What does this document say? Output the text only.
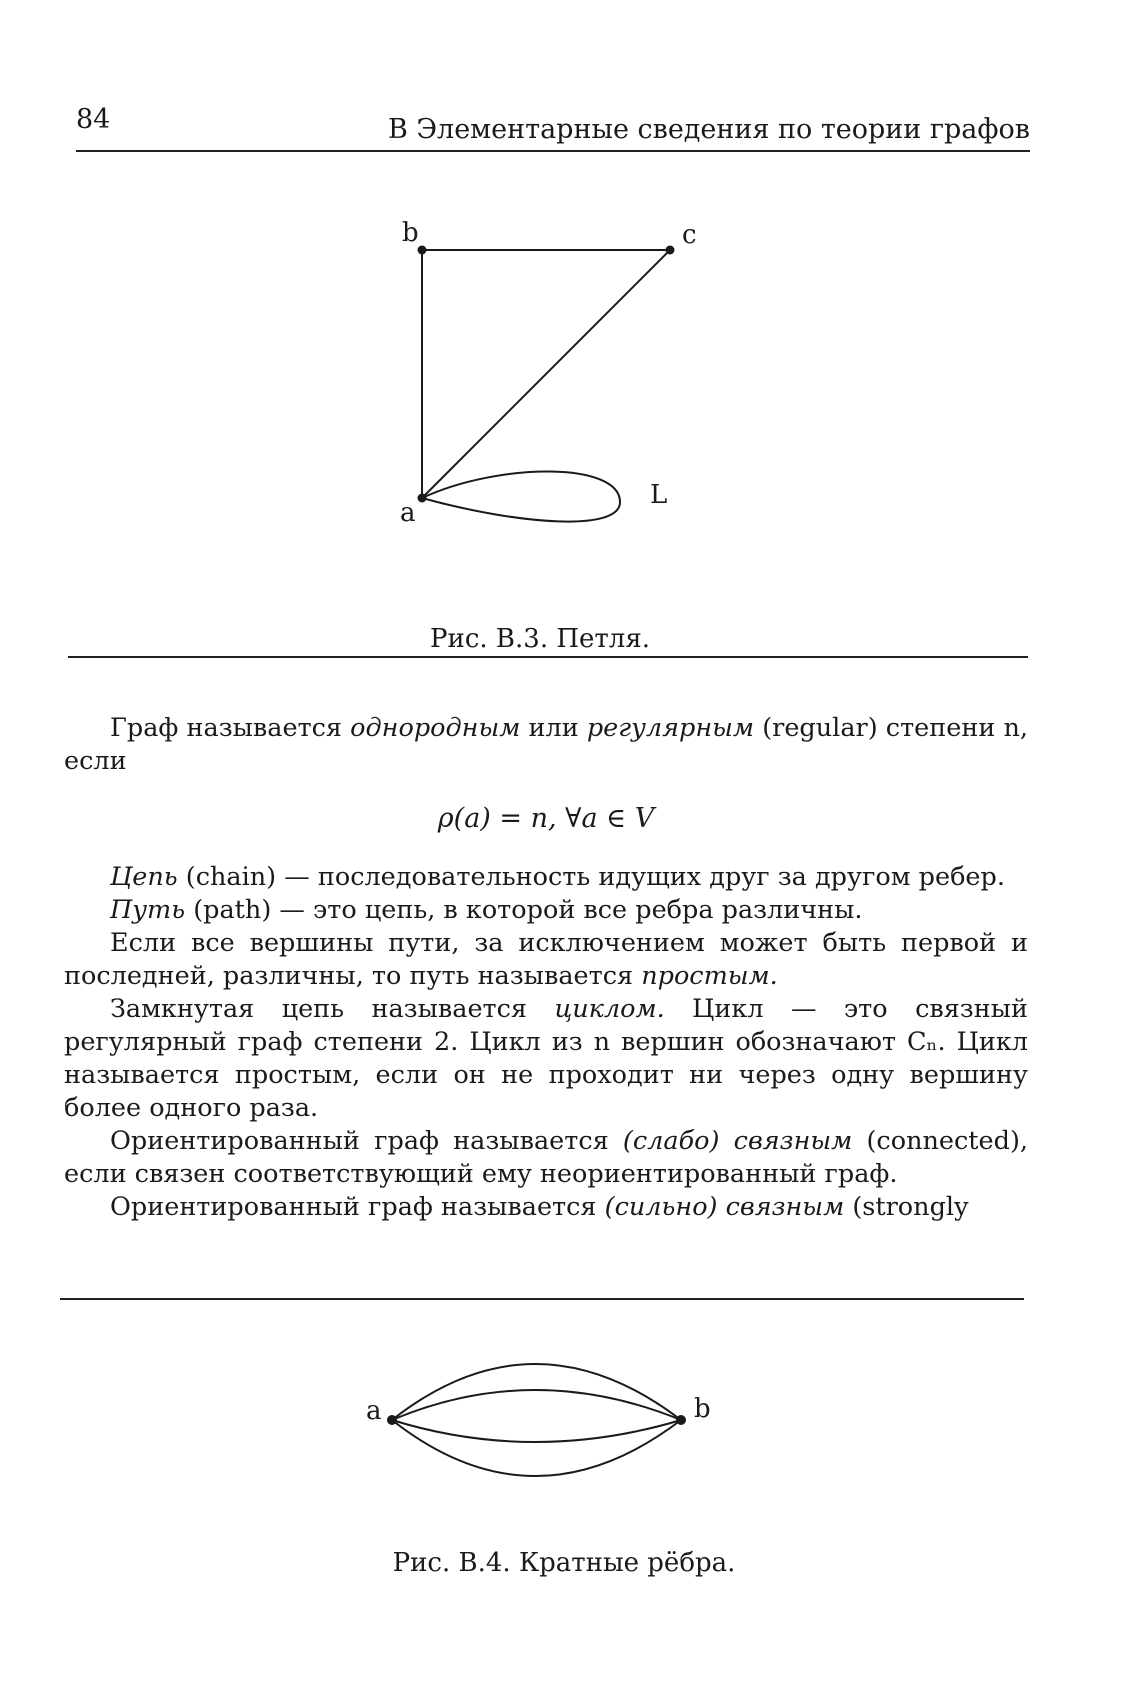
84	B Элементарные сведения по теории графов
b	c
a
L
Рис. B.3. Петля.

Граф называется однородным или регулярным (regular) степени n, если

ρ(a) = n, ∀a ∈ V

Цепь (chain) — последовательность идущих друг за другом ребер.

Путь (path) — это цепь, в которой все ребра различны.

Если все вершины пути, за исключением может быть первой и последней, различны, то путь называется простым.

Замкнутая цепь называется циклом. Цикл — это связный регулярный граф степени 2. Цикл из n вершин обозначают Cₙ. Цикл называется простым, если он не проходит ни через одну вершину более одного раза.

Ориентированный граф называется (слабо) связным (connected), если связен соответствующий ему неориентированный граф.

Ориентированный граф называется (сильно) связным (strongly

a	b
Рис. B.4. Кратные рёбра.
